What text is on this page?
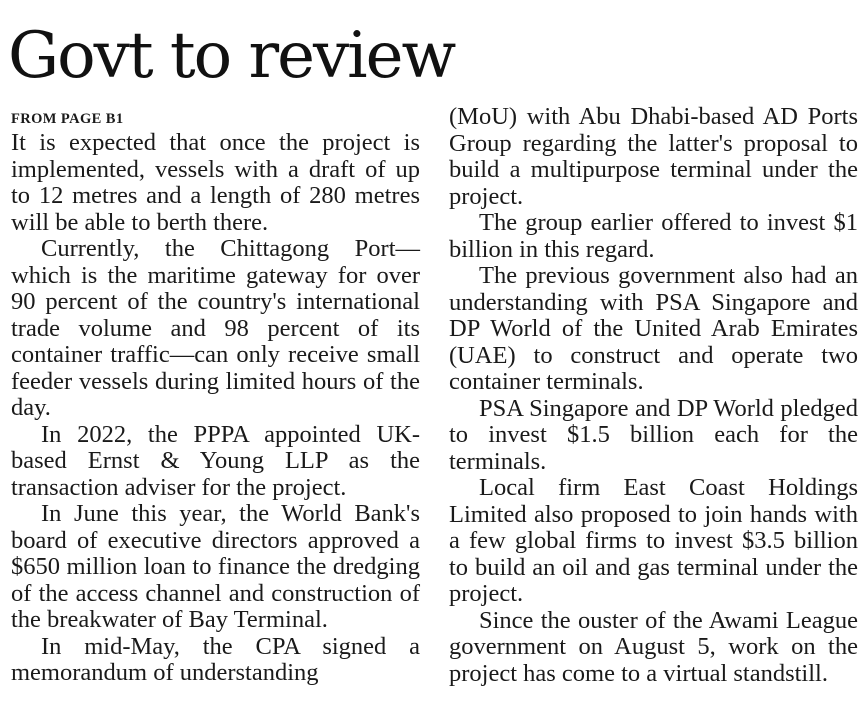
Govt to review
FROM PAGE B1

It is expected that once the project is implemented, vessels with a draft of up to 12 metres and a length of 280 metres will be able to berth there.

Currently, the Chittagong Port—which is the maritime gateway for over 90 percent of the country's international trade volume and 98 percent of its container traffic—can only receive small feeder vessels during limited hours of the day.

In 2022, the PPPA appointed UK-based Ernst & Young LLP as the transaction adviser for the project.

In June this year, the World Bank's board of executive directors approved a $650 million loan to finance the dredging of the access channel and construction of the breakwater of Bay Terminal.

In mid-May, the CPA signed a memorandum of understanding

(MoU) with Abu Dhabi-based AD Ports Group regarding the latter's proposal to build a multipurpose terminal under the project.

The group earlier offered to invest $1 billion in this regard.

The previous government also had an understanding with PSA Singapore and DP World of the United Arab Emirates (UAE) to construct and operate two container terminals.

PSA Singapore and DP World pledged to invest $1.5 billion each for the terminals.

Local firm East Coast Holdings Limited also proposed to join hands with a few global firms to invest $3.5 billion to build an oil and gas terminal under the project.

Since the ouster of the Awami League government on August 5, work on the project has come to a virtual standstill.
